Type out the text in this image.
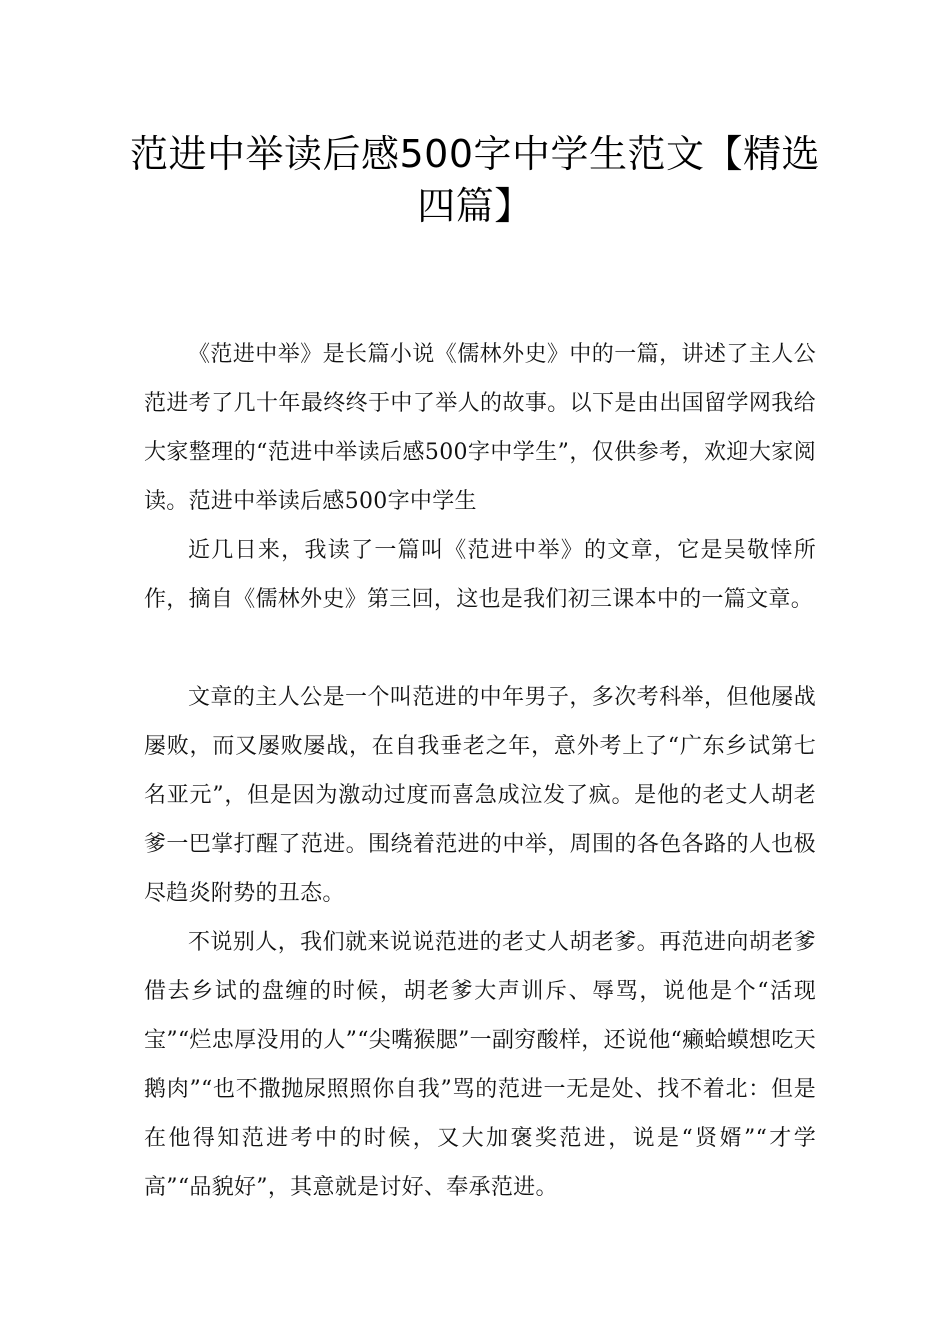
范进中举读后感500字中学生范文【精选四篇】

《范进中举》是长篇小说《儒林外史》中的一篇，讲述了主人公范进考了几十年最终终于中了举人的故事。以下是由出国留学网我给大家整理的“范进中举读后感500字中学生”，仅供参考，欢迎大家阅读。范进中举读后感500字中学生

近几日来，我读了一篇叫《范进中举》的文章，它是吴敬悻所作，摘自《儒林外史》第三回，这也是我们初三课本中的一篇文章。

文章的主人公是一个叫范进的中年男子，多次考科举，但他屡战屡败，而又屡败屡战，在自我垂老之年，意外考上了“广东乡试第七名亚元”，但是因为激动过度而喜急成泣发了疯。是他的老丈人胡老爹一巴掌打醒了范进。围绕着范进的中举，周围的各色各路的人也极尽趋炎附势的丑态。

不说别人，我们就来说说范进的老丈人胡老爹。再范进向胡老爹借去乡试的盘缠的时候，胡老爹大声训斥、辱骂，说他是个“活现宝”“烂忠厚没用的人”“尖嘴猴腮”一副穷酸样，还说他“癞蛤蟆想吃天鹅肉”“也不撒抛尿照照你自我”骂的范进一无是处、找不着北：但是在他得知范进考中的时候，又大加褒奖范进，说是“贤婿”“才学高”“品貌好”，其意就是讨好、奉承范进。
